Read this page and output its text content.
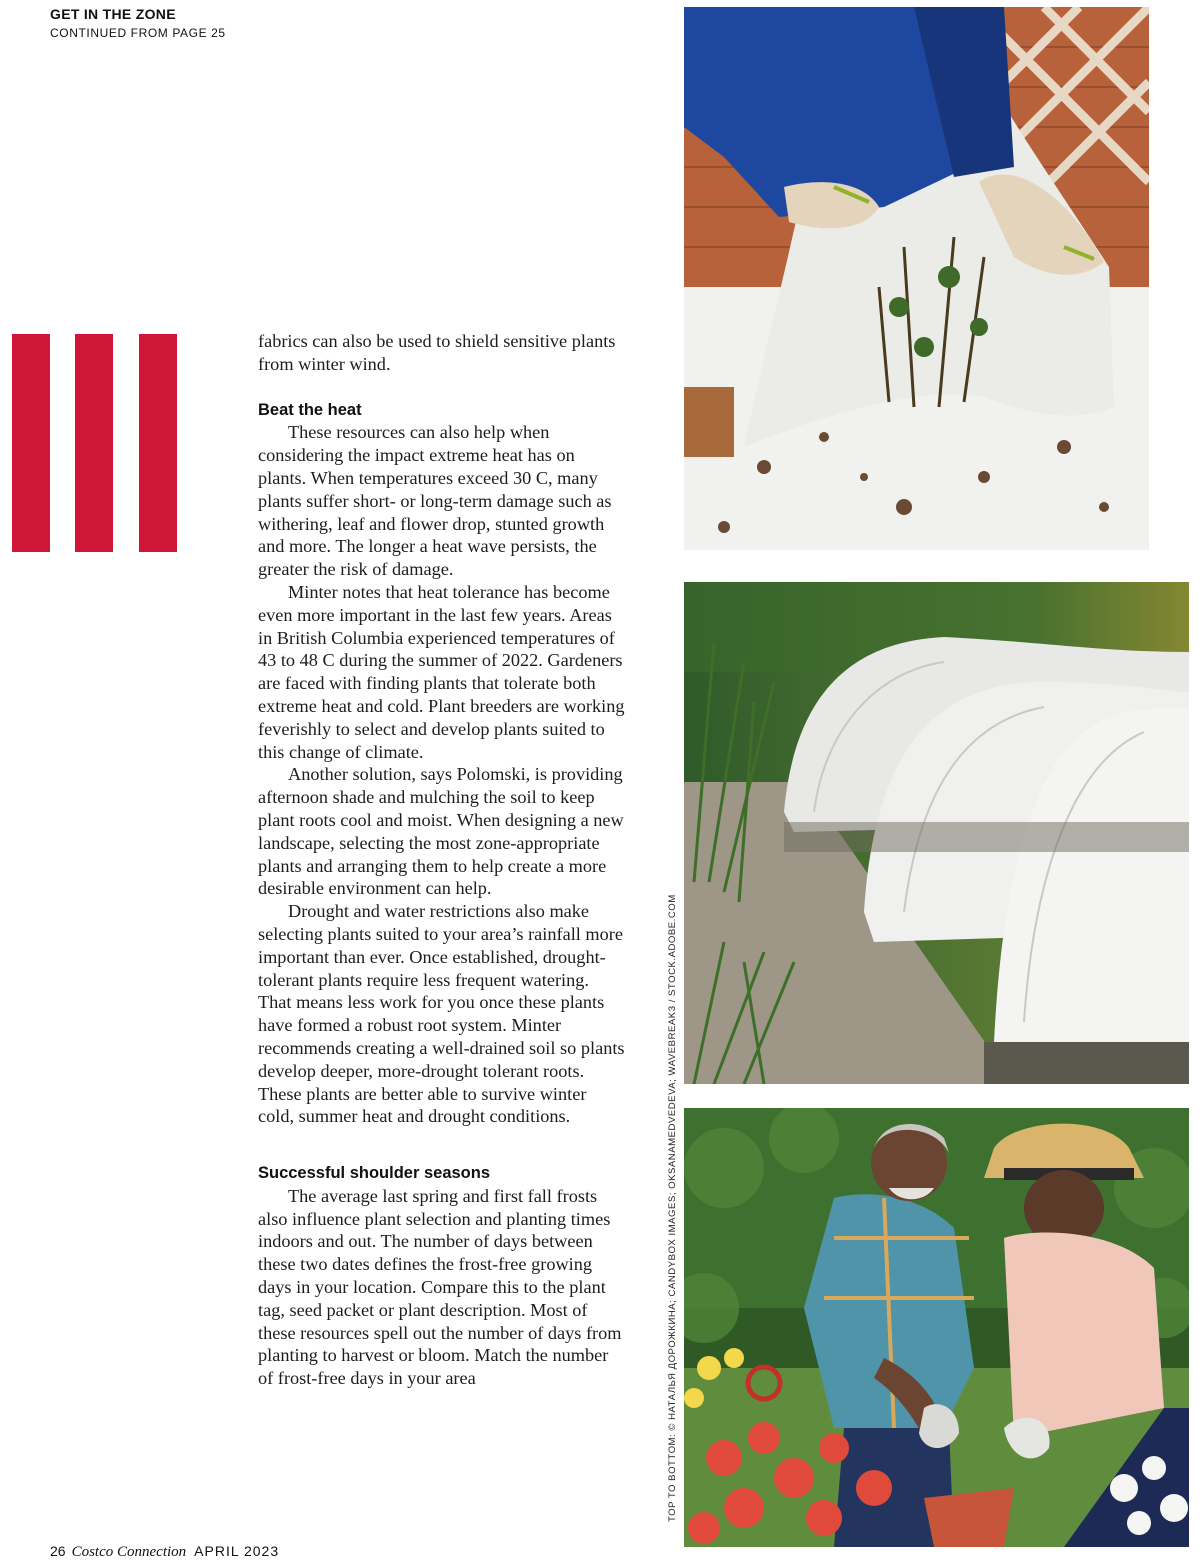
GET IN THE ZONE
CONTINUED FROM PAGE 25

fabrics can also be used to shield sensitive plants from winter wind.

Beat the heat

These resources can also help when considering the impact extreme heat has on plants. When temperatures exceed 30 C, many plants suffer short- or long-term damage such as withering, leaf and flower drop, stunted growth and more. The longer a heat wave persists, the greater the risk of damage.

Minter notes that heat tolerance has become even more important in the last few years. Areas in British Columbia experienced temperatures of 43 to 48 C during the summer of 2022. Gardeners are faced with finding plants that tolerate both extreme heat and cold. Plant breeders are working feverishly to select and develop plants suited to this change of climate.

Another solution, says Polomski, is providing afternoon shade and mulching the soil to keep plant roots cool and moist. When designing a new landscape, selecting the most zone-appropriate plants and arranging them to help create a more desirable environment can help.

Drought and water restrictions also make selecting plants suited to your area’s rainfall more important than ever. Once established, drought-tolerant plants require less frequent watering. That means less work for you once these plants have formed a robust root system. Minter recommends creating a well-drained soil so plants develop deeper, more-drought tolerant roots. These plants are better able to survive winter cold, summer heat and drought conditions.

Successful shoulder seasons

The average last spring and first fall frosts also influence plant selection and planting times indoors and out. The number of days between these two dates defines the frost-free growing days in your location. Compare this to the plant tag, seed packet or plant description. Most of these resources spell out the number of days from planting to harvest or bloom. Match the number of frost-free days in your area	TOP TO BOTTOM: © НАТАЛЬЯ ДОРОЖКИНА; CANDYBOX IMAGES; OKSANAMEDVEDEVA; WAVEBREAK3 / STOCK.ADOBE.COM
26 Costco Connection APRIL 2023
